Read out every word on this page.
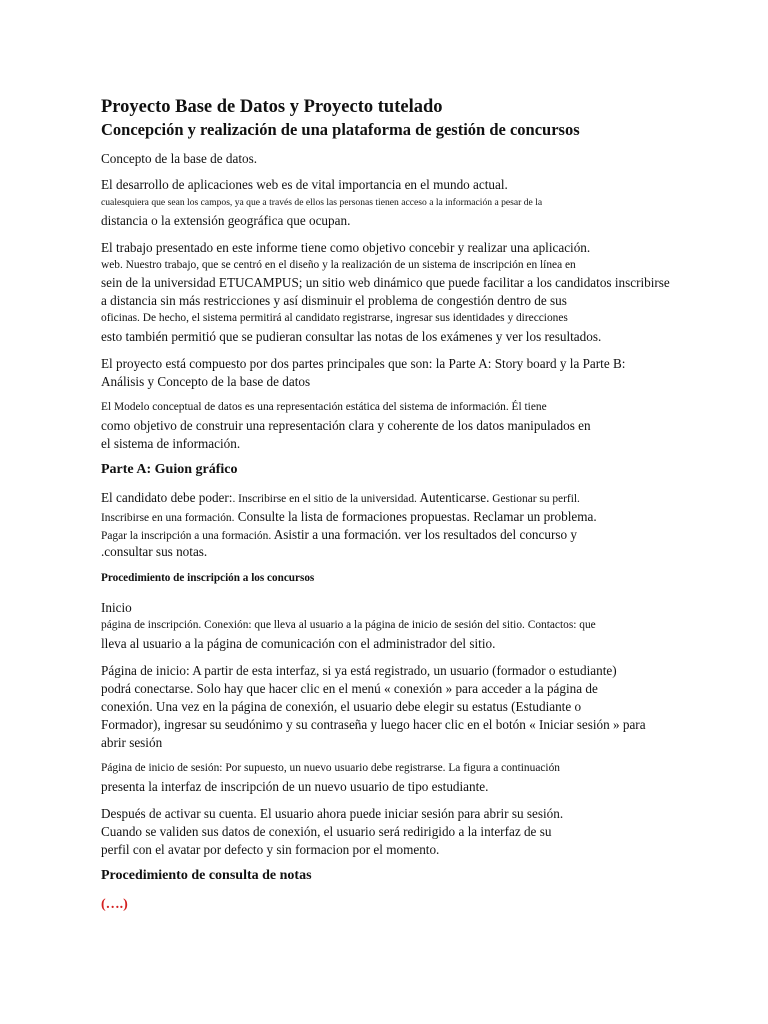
Proyecto Base de Datos y Proyecto tutelado
Concepción y realización de una plataforma de gestión de concursos
Concepto de la base de datos.
El desarrollo de aplicaciones web es de vital importancia en el mundo actual.
cualesquiera que sean los campos, ya que a través de ellos las personas tienen acceso a la información a pesar de la
distancia o la extensión geográfica que ocupan.
El trabajo presentado en este informe tiene como objetivo concebir y realizar una aplicación.
web. Nuestro trabajo, que se centró en el diseño y la realización de un sistema de inscripción en línea en
sein de la universidad ETUCAMPUS; un sitio web dinámico que puede facilitar a los candidatos inscribirse
a distancia sin más restricciones y así disminuir el problema de congestión dentro de sus
oficinas. De hecho, el sistema permitirá al candidato registrarse, ingresar sus identidades y direcciones
esto también permitió que se pudieran consultar las notas de los exámenes y ver los resultados.
El proyecto está compuesto por dos partes principales que son: la Parte A: Story board y la Parte B:
Análisis y Concepto de la base de datos
El Modelo conceptual de datos es una representación estática del sistema de información. Él tiene
como objetivo de construir una representación clara y coherente de los datos manipulados en
el sistema de información.
Parte A: Guion gráfico
El candidato debe poder:. Inscribirse en el sitio de la universidad. Autenticarse. Gestionar su perfil.
Inscribirse en una formación. Consulte la lista de formaciones propuestas. Reclamar un problema.
Pagar la inscripción a una formación. Asistir a una formación. ver los resultados del concurso y
.consultar sus notas.
Procedimiento de inscripción a los concursos
Inicio
página de inscripción. Conexión: que lleva al usuario a la página de inicio de sesión del sitio. Contactos: que
lleva al usuario a la página de comunicación con el administrador del sitio.
Página de inicio: A partir de esta interfaz, si ya está registrado, un usuario (formador o estudiante)
podrá conectarse. Solo hay que hacer clic en el menú « conexión » para acceder a la página de
conexión. Una vez en la página de conexión, el usuario debe elegir su estatus (Estudiante o
Formador), ingresar su seudónimo y su contraseña y luego hacer clic en el botón « Iniciar sesión » para
abrir sesión
Página de inicio de sesión: Por supuesto, un nuevo usuario debe registrarse. La figura a continuación
presenta la interfaz de inscripción de un nuevo usuario de tipo estudiante.
Después de activar su cuenta. El usuario ahora puede iniciar sesión para abrir su sesión.
Cuando se validen sus datos de conexión, el usuario será redirigido a la interfaz de su
perfil con el avatar por defecto y sin formacion por el momento.
Procedimiento de consulta de notas
(….)
